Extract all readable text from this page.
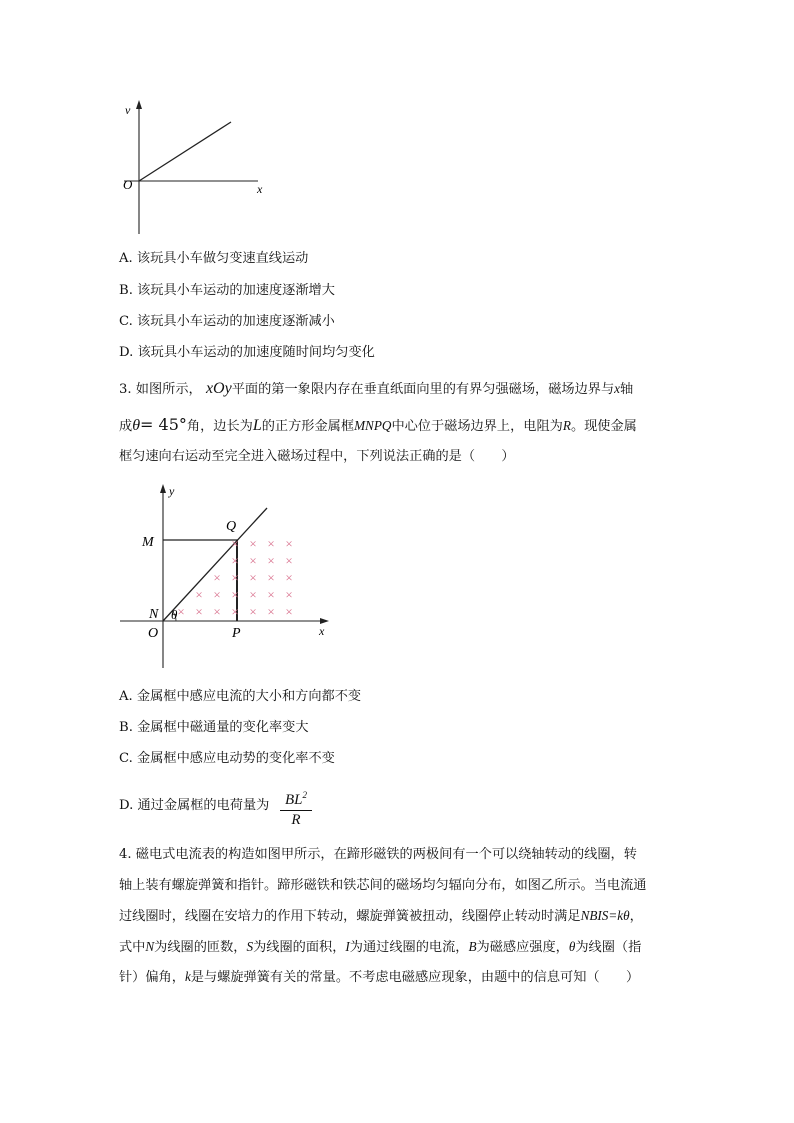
v
x
O
A. 该玩具小车做匀变速直线运动
B. 该玩具小车运动的加速度逐渐增大
C. 该玩具小车运动的加速度逐渐减小
D. 该玩具小车运动的加速度随时间均匀变化
3. 如图所示， xOy平面的第一象限内存在垂直纸面向里的有界匀强磁场，磁场边界与x轴
成θ= 45°角，边长为L的正方形金属框MNPQ中心位于磁场边界上，电阻为R。现使金属
框匀速向右运动至完全进入磁场过程中，下列说法正确的是（　　）
× × × ×
× × × ×
× × × × ×
× × × × × ×
× × × × × × ×
y
x
M
Q
N
O	P
θ
A. 金属框中感应电流的大小和方向都不变
B. 金属框中磁通量的变化率变大
C. 金属框中感应电动势的变化率不变
D. 通过金属框的电荷量为	$BL^2$
R
4. 磁电式电流表的构造如图甲所示，在蹄形磁铁的两极间有一个可以绕轴转动的线圈，转
轴上装有螺旋弹簧和指针。蹄形磁铁和铁芯间的磁场均匀辐向分布，如图乙所示。当电流通
过线圈时，线圈在安培力的作用下转动，螺旋弹簧被扭动，线圈停止转动时满足NBIS=kθ，
式中N为线圈的匝数，S为线圈的面积，I为通过线圈的电流，B为磁感应强度，θ为线圈（指
针）偏角，k是与螺旋弹簧有关的常量。不考虑电磁感应现象，由题中的信息可知（　　）
